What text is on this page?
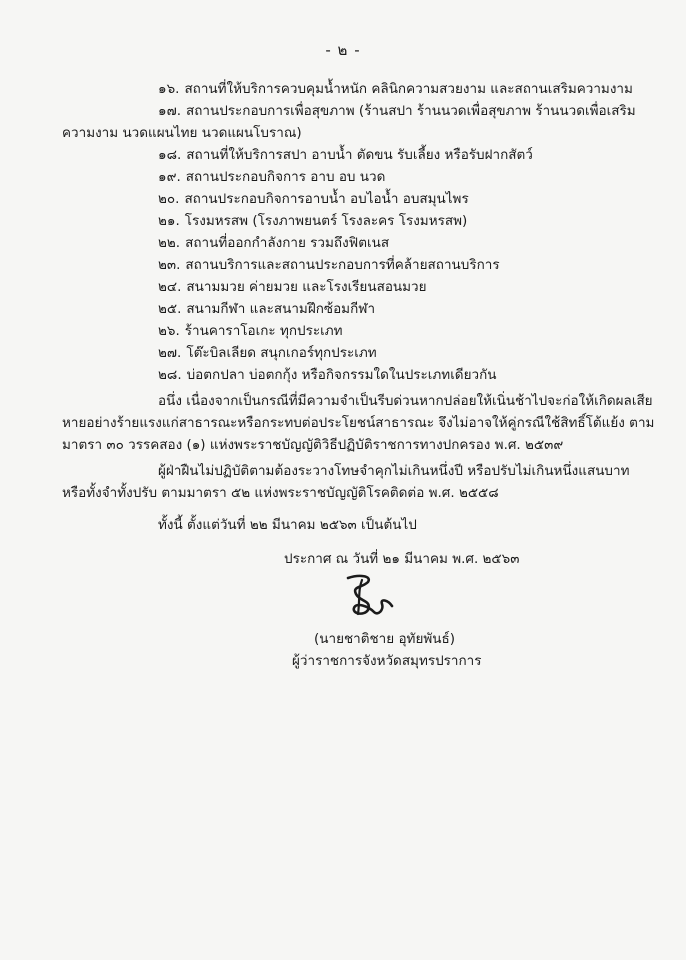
- ๒ -
๑๖. สถานที่ให้บริการควบคุมน้ำหนัก คลินิกความสวยงาม และสถานเสริมความงาม
๑๗. สถานประกอบการเพื่อสุขภาพ (ร้านสปา ร้านนวดเพื่อสุขภาพ ร้านนวดเพื่อเสริมความงาม นวดแผนไทย นวดแผนโบราณ)
๑๘. สถานที่ให้บริการสปา อาบน้ำ ตัดขน รับเลี้ยง หรือรับฝากสัตว์
๑๙. สถานประกอบกิจการ อาบ อบ นวด
๒๐. สถานประกอบกิจการอาบน้ำ อบไอน้ำ อบสมุนไพร
๒๑. โรงมหรสพ (โรงภาพยนตร์ โรงละคร โรงมหรสพ)
๒๒. สถานที่ออกกำลังกาย รวมถึงฟิตเนส
๒๓. สถานบริการและสถานประกอบการที่คล้ายสถานบริการ
๒๔. สนามมวย ค่ายมวย และโรงเรียนสอนมวย
๒๕. สนามกีฬา และสนามฝึกซ้อมกีฬา
๒๖. ร้านคาราโอเกะ ทุกประเภท
๒๗. โต๊ะบิลเลียด สนุกเกอร์ทุกประเภท
๒๘. บ่อตกปลา บ่อตกกุ้ง หรือกิจกรรมใดในประเภทเดียวกัน

อนึ่ง เนื่องจากเป็นกรณีที่มีความจำเป็นรีบด่วนหากปล่อยให้เนิ่นช้าไปจะก่อให้เกิดผลเสียหายอย่างร้ายแรงแก่สาธารณะหรือกระทบต่อประโยชน์สาธารณะ จึงไม่อาจให้คู่กรณีใช้สิทธิ์โต้แย้ง ตามมาตรา ๓๐ วรรคสอง (๑) แห่งพระราชบัญญัติวิธีปฏิบัติราชการทางปกครอง พ.ศ. ๒๕๓๙

ผู้ฝ่าฝืนไม่ปฏิบัติตามต้องระวางโทษจำคุกไม่เกินหนึ่งปี หรือปรับไม่เกินหนึ่งแสนบาท หรือทั้งจำทั้งปรับ ตามมาตรา ๕๒ แห่งพระราชบัญญัติโรคติดต่อ พ.ศ. ๒๕๕๘

ทั้งนี้ ตั้งแต่วันที่ ๒๒ มีนาคม ๒๕๖๓ เป็นต้นไป

ประกาศ ณ วันที่ ๒๑ มีนาคม พ.ศ. ๒๕๖๓

(นายชาติชาย อุทัยพันธ์)
ผู้ว่าราชการจังหวัดสมุทรปราการ
